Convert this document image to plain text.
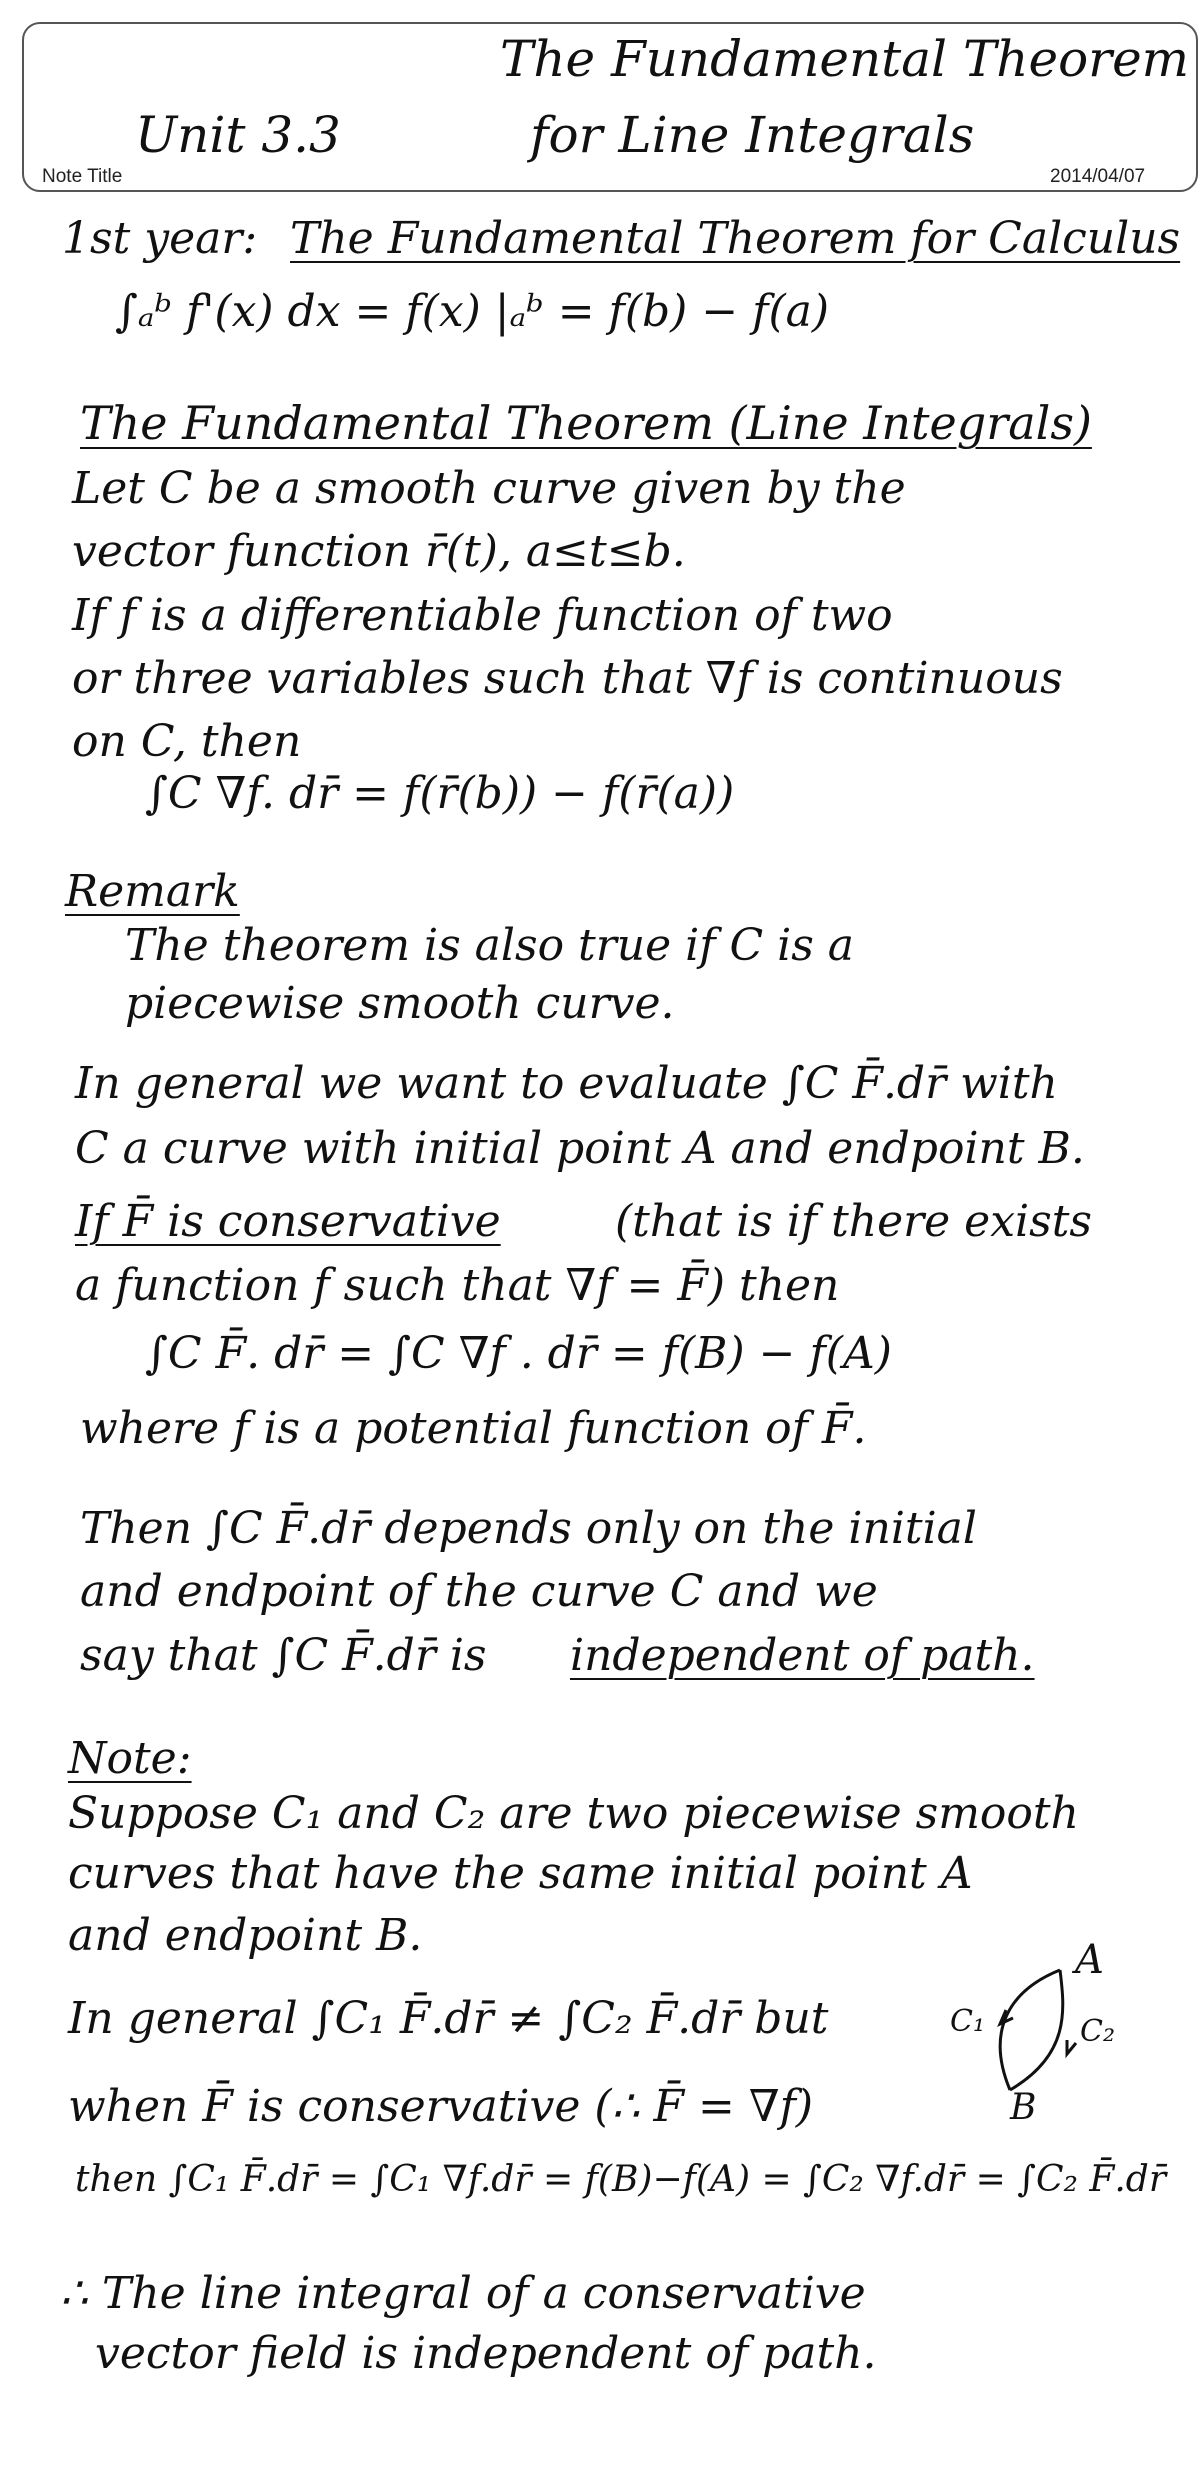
The Fundamental Theorem
Unit 3.3	for Line Integrals
Note Title	2014/04/07
1st year: The Fundamental Theorem for Calculus
∫ₐᵇ f'(x) dx = f(x) |ₐᵇ = f(b) − f(a)
The Fundamental Theorem (Line Integrals)
Let C be a smooth curve given by the
vector function r̄(t), a≤t≤b.
If f is a differentiable function of two
or three variables such that ∇f is continuous
on C, then
∫C ∇f. dr̄ = f(r̄(b)) − f(r̄(a))
Remark
The theorem is also true if C is a
piecewise smooth curve.
In general we want to evaluate ∫C F̄.dr̄ with
C a curve with initial point A and endpoint B.
If F̄ is conservative	(that is if there exists
a function f such that ∇f = F̄) then
∫C F̄. dr̄ = ∫C ∇f . dr̄ = f(B) − f(A)
where f is a potential function of F̄.
Then ∫C F̄.dr̄ depends only on the initial
and endpoint of the curve C and we
say that ∫C F̄.dr̄ is independent of path.
Note:
Suppose C₁ and C₂ are two piecewise smooth
curves that have the same initial point A
and endpoint B.
In general ∫C₁ F̄.dr̄ ≠ ∫C₂ F̄.dr̄ but
when F̄ is conservative (∴ F̄ = ∇f)
then ∫C₁ F̄.dr̄ = ∫C₁ ∇f.dr̄ = f(B)−f(A) = ∫C₂ ∇f.dr̄ = ∫C₂ F̄.dr̄
A
B
C₁	C₂
∴ The line integral of a conservative
vector field is independent of path.
